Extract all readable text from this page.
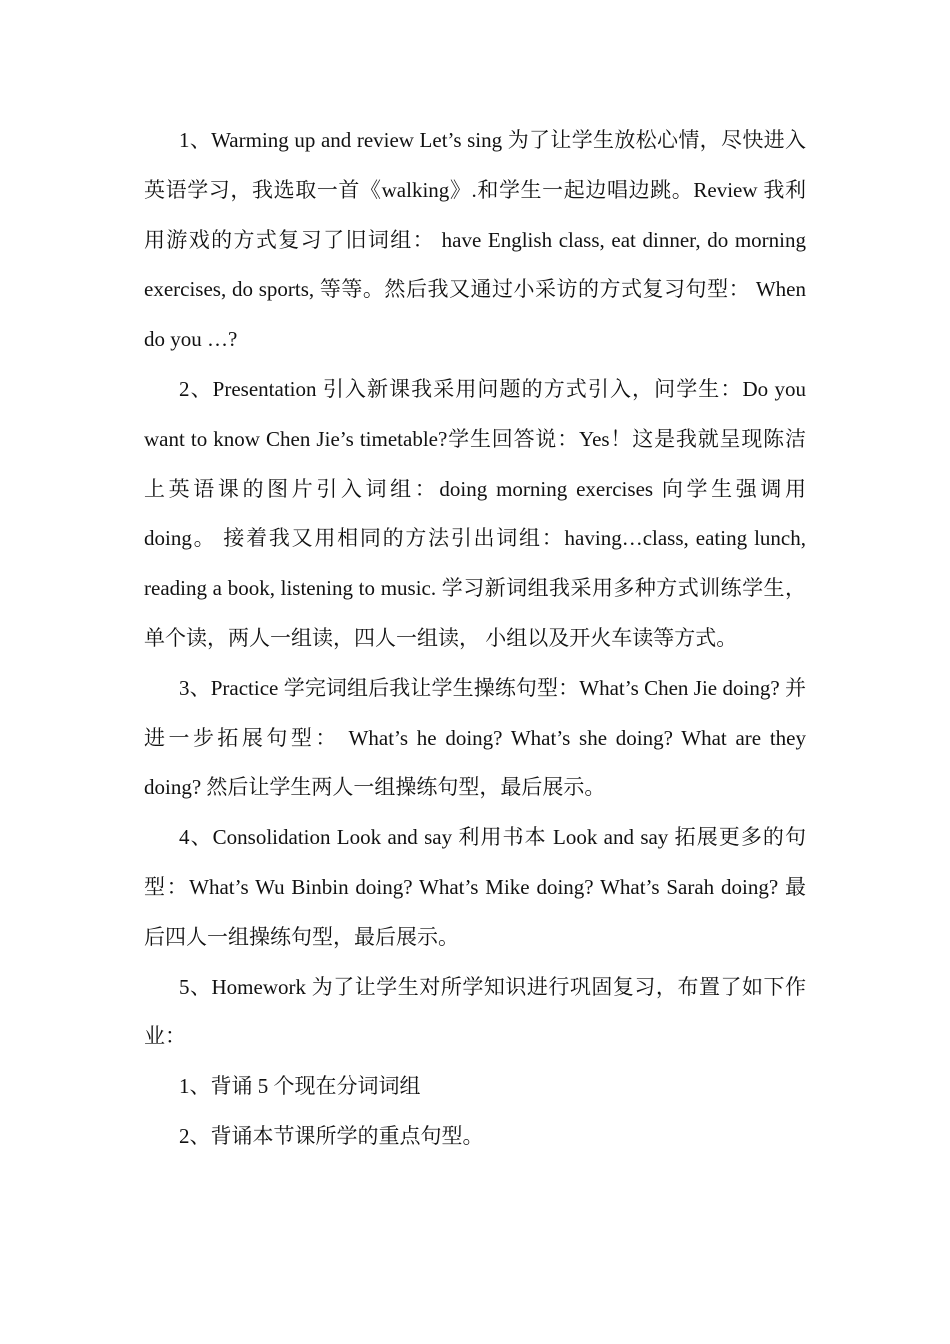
1、Warming up and review Let’s sing 为了让学生放松心情，尽快进入英语学习，我选取一首《walking》.和学生一起边唱边跳。Review 我利用游戏的方式复习了旧词组： have English class, eat dinner, do morning exercises, do sports, 等等。然后我又通过小采访的方式复习句型： When do you …?

2、Presentation 引入新课我采用问题的方式引入，问学生：Do you want to know Chen Jie’s timetable?学生回答说：Yes！这是我就呈现陈洁上英语课的图片引入词组：doing morning exercises 向学生强调用 doing。 接着我又用相同的方法引出词组：having…class, eating lunch, reading a book, listening to music. 学习新词组我采用多种方式训练学生，单个读，两人一组读，四人一组读， 小组以及开火车读等方式。

3、Practice 学完词组后我让学生操练句型：What’s Chen Jie doing? 并进一步拓展句型： What’s he doing? What’s she doing? What are they doing? 然后让学生两人一组操练句型，最后展示。

4、Consolidation Look and say 利用书本 Look and say 拓展更多的句型：What’s Wu Binbin doing? What’s Mike doing? What’s Sarah doing? 最后四人一组操练句型，最后展示。

5、Homework 为了让学生对所学知识进行巩固复习，布置了如下作业：

1、背诵 5 个现在分词词组

2、背诵本节课所学的重点句型。
